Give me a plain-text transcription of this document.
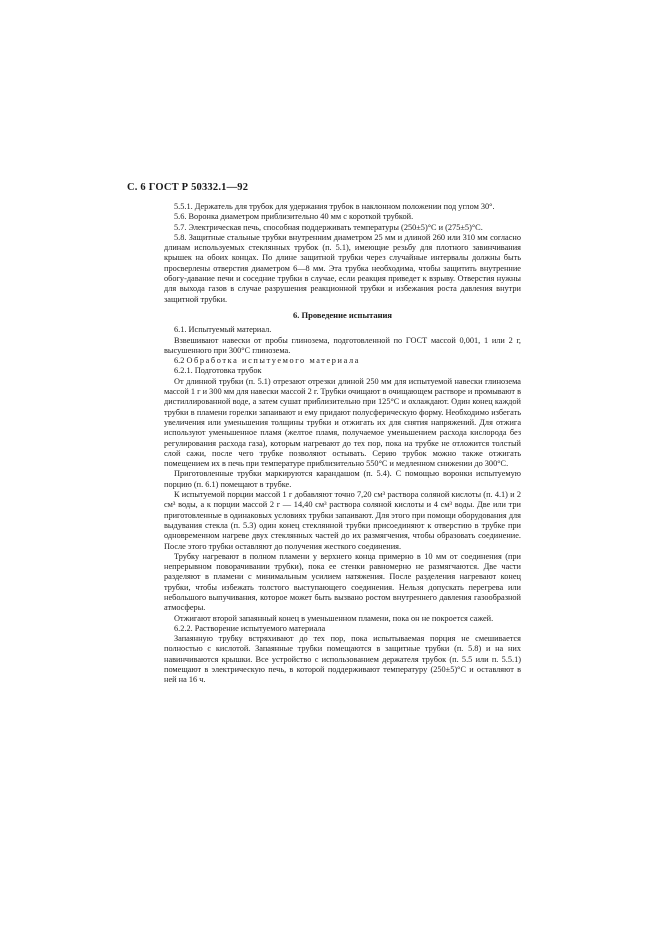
С. 6 ГОСТ Р 50332.1—92

5.5.1. Держатель для трубок для удержания трубок в наклонном положении под углом 30°.

5.6. Воронка диаметром приблизительно 40 мм с короткой трубкой.

5.7. Электрическая печь, способная поддерживать температуры (250±5)°С и (275±5)°С.

5.8. Защитные стальные трубки внутренним диаметром 25 мм и длиной 260 или 310 мм согласно длинам используемых стеклянных трубок (п. 5.1), имеющие резьбу для плотного завинчивания крышек на обоих концах. По длине защитной трубки через случайные интервалы должны быть просверлены отверстия диаметром 6—8 мм. Эта трубка необходима, чтобы защитить внутренние обогу-давание печи и соседние трубки в случае, если реакция приведет к взрыву. Отверстия нужны для выхода газов в случае разрушения реакционной трубки и избежания роста давления внутри защитной трубки.

6. Проведение испытания

6.1. Испытуемый материал.

Взвешивают навески от пробы глинозема, подготовленной по ГОСТ массой 0,001, 1 или 2 г, высушенного при 300°С глинозема.

6.2 Обработка испытуемого материала

6.2.1. Подготовка трубок

От длинной трубки (п. 5.1) отрезают отрезки длиной 250 мм для испытуемой навески глинозема массой 1 г и 300 мм для навески массой 2 г. Трубки очищают в очищающем растворе и промывают в дистиллированной воде, а затем сушат приблизительно при 125°С и охлаждают. Один конец каждой трубки в пламени горелки запаивают и ему придают полусферическую форму. Необходимо избегать увеличения или уменьшения толщины трубки и отжигать их для снятия напряжений. Для отжига используют уменьшенное пламя (желтое пламя, получаемое уменьшением расхода кислорода без регулирования расхода газа), которым нагревают до тех пор, пока на трубке не отложится толстый слой сажи, после чего трубке позволяют остывать. Серию трубок можно также отжигать помещением их в печь при температуре приблизительно 550°С и медленном снижении до 300°С.

Приготовленные трубки маркируются карандашом (п. 5.4). С помощью воронки испытуемую порцию (п. 6.1) помещают в трубке.

К испытуемой порции массой 1 г добавляют точно 7,20 см³ раствора соляной кислоты (п. 4.1) и 2 см³ воды, а к порции массой 2 г — 14,40 см³ раствора соляной кислоты и 4 см³ воды. Две или три приготовленные в одинаковых условиях трубки запаивают. Для этого при помощи оборудования для выдувания стекла (п. 5.3) один конец стеклянной трубки присоединяют к отверстию в трубке при одновременном нагреве двух стеклянных частей до их размягчения, чтобы образовать соединение. После этого трубки оставляют до получения жесткого соединения.

Трубку нагревают в полном пламени у верхнего конца примерно в 10 мм от соединения (при непрерывном поворачивании трубки), пока ее стенки равномерно не размягчаются. Две части разделяют в пламени с минимальным усилием натяжения. После разделения нагревают конец трубки, чтобы избежать толстого выступающего соединения. Нельзя допускать перегрева или небольшого выпучивания, которое может быть вызвано ростом внутреннего давления газообразной атмосферы.

Отжигают второй запаянный конец в уменьшенном пламени, пока он не покроется сажей.

6.2.2. Растворение испытуемого материала

Запаянную трубку встряхивают до тех пор, пока испытываемая порция не смешивается полностью с кислотой. Запаянные трубки помещаются в защитные трубки (п. 5.8) и на них навинчиваются крышки. Все устройство с использованием держателя трубок (п. 5.5 или п. 5.5.1) помещают в электрическую печь, в которой поддерживают температуру (250±5)°С и оставляют в ней на 16 ч.
